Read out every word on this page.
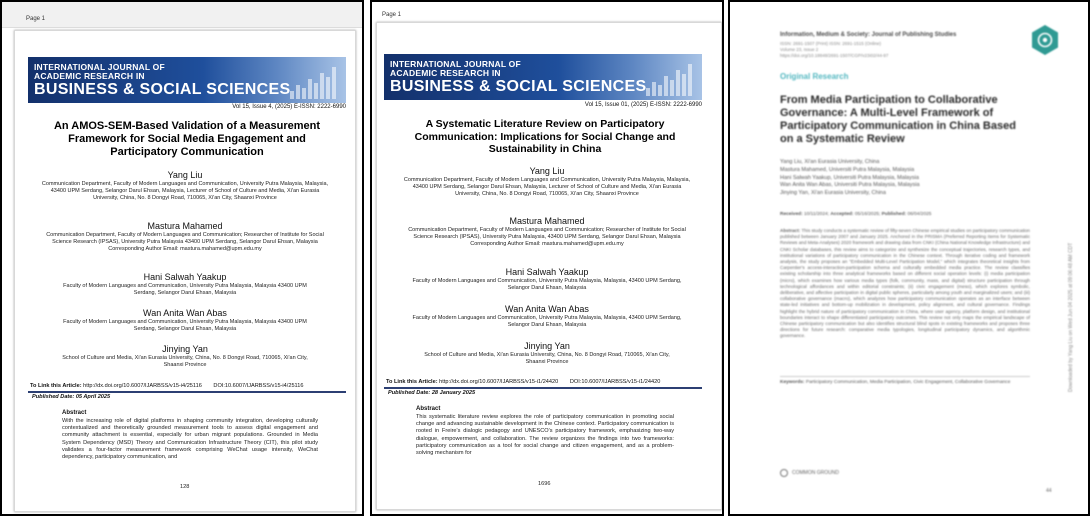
Page 1
INTERNATIONAL JOURNAL OF
ACADEMIC RESEARCH IN
BUSINESS & SOCIAL SCIENCES
Vol 15, Issue 4, (2025) E-ISSN: 2222-6990
An AMOS-SEM-Based Validation of a Measurement Framework for Social Media Engagement and Participatory Communication
Yang Liu
Communication Department, Faculty of Modern Languages and Communication, University Putra Malaysia, Malaysia, 43400 UPM Serdang, Selangor Darul Ehsan, Malaysia, Lecturer of School of Culture and Media, Xi'an Eurasia University, China, No. 8 Dongyi Road, 710065, Xi'an City, Shaanxi Province
Mastura Mahamed
Communication Department, Faculty of Modern Languages and Communication; Researcher of Institute for Social Science Research (IPSAS), University Putra Malaysia 43400 UPM Serdang, Selangor Darul Ehsan, Malaysia
Corresponding Author Email: mastura.mahamed@upm.edu.my
Hani Salwah Yaakup
Faculty of Modern Languages and Communication, University Putra Malaysia, Malaysia 43400 UPM Serdang, Selangor Darul Ehsan, Malaysia
Wan Anita Wan Abas
Faculty of Modern Languages and Communication, University Putra Malaysia, Malaysia 43400 UPM Serdang, Selangor Darul Ehsan, Malaysia
Jinying Yan
School of Culture and Media, Xi'an Eurasia University, China, No. 8 Dongyi Road, 710065, Xi'an City, Shaanxi Province
To Link this Article: http://dx.doi.org/10.6007/IJARBSS/v15-i4/25116 DOI:10.6007/IJARBSS/v15-i4/25116
Published Date: 05 April 2025
Abstract
With the increasing role of digital platforms in shaping community integration, developing culturally contextualized and theoretically grounded measurement tools to assess digital engagement and community attachment is essential, especially for urban migrant populations. Grounded in Media System Dependency (MSD) Theory and Communication Infrastructure Theory (CIT), this pilot study validates a four-factor measurement framework comprising WeChat usage intensity, WeChat dependency, participatory communication, and
128
Page 1
INTERNATIONAL JOURNAL OF
ACADEMIC RESEARCH IN
BUSINESS & SOCIAL SCIENCES
Vol 15, Issue 01, (2025) E-ISSN: 2222-6990
A Systematic Literature Review on Participatory Communication: Implications for Social Change and Sustainability in China
Yang Liu
Communication Department, Faculty of Modern Languages and Communication, University Putra Malaysia, Malaysia, 43400 UPM Serdang, Selangor Darul Ehsan, Malaysia, Lecturer of School of Culture and Media, Xi'an Eurasia University, China, No. 8 Dongyi Road, 710065, Xi'an City, Shaanxi Province
Mastura Mahamed
Communication Department, Faculty of Modern Languages and Communication; Researcher of Institute for Social Science Research (IPSAS), University Putra Malaysia, 43400 UPM Serdang, Selangor Darul Ehsan, Malaysia
Corresponding Author Email: mastura.mahamed@upm.edu.my
Hani Salwah Yaakup
Faculty of Modern Languages and Communication, University Putra Malaysia, Malaysia, 43400 UPM Serdang, Selangor Darul Ehsan, Malaysia
Wan Anita Wan Abas
Faculty of Modern Languages and Communication, University Putra Malaysia, Malaysia, 43400 UPM Serdang, Selangor Darul Ehsan, Malaysia
Jinying Yan
School of Culture and Media, Xi'an Eurasia University, China, No. 8 Dongyi Road, 710065, Xi'an City, Shaanxi Province
To Link this Article: http://dx.doi.org/10.6007/IJARBSS/v15-i1/24420 DOI:10.6007/IJARBSS/v15-i1/24420
Published Date: 28 January 2025
Abstract
This systematic literature review explores the role of participatory communication in promoting social change and advancing sustainable development in the Chinese context. Participatory communication is rooted in Freire's dialogic pedagogy and UNESCO's participatory framework, emphasizing two-way dialogue, empowerment, and collaboration. The review organizes the findings into two frameworks: participatory communication as a tool for social change and citizen engagement, and as a problem-solving mechanism for
1696
Information, Medium & Society: Journal of Publishing Studies
ISSN: 2691-1507 (Print) ISSN: 2691-1515 (Online)
Volume 23, Issue 2
https://doi.org/10.18848/2691-1507/CGP/v23i02/44-97
Original Research
From Media Participation to Collaborative Governance: A Multi-Level Framework of Participatory Communication in China Based on a Systematic Review
Yang Liu, Xi'an Eurasia University, China
Mastura Mahamed, Universiti Putra Malaysia, Malaysia
Hani Salwah Yaakup, Universiti Putra Malaysia, Malaysia
Wan Anita Wan Abas, Universiti Putra Malaysia, Malaysia
Jinying Yan, Xi'an Eurasia University, China
Received: 10/11/2024; Accepted: 05/16/2025; Published: 06/04/2025
Abstract: This study conducts a systematic review of fifty-seven Chinese empirical studies on participatory communication published between January 2007 and January 2025. Anchored in the PRISMA (Preferred Reporting Items for Systematic Reviews and Meta-Analyses) 2020 framework and drawing data from CNKI (China National Knowledge Infrastructure) and CNKI Scholar databases, this review aims to categorize and synthesize the conceptual trajectories, research types, and institutional variations of participatory communication in the Chinese context. Through iterative coding and framework analysis, the study proposes an "Embedded Multi-Level Participation Model," which integrates theoretical insights from Carpentier's access-interaction-participation schema and culturally embedded media practice. The review classifies existing scholarship into three analytical frameworks based on different social operation levels: (i) media participation (micro), which examines how various media types (folk, community, mass, and digital) structure participation through technological affordances and within editorial constraints; (ii) civic engagement (meso), which explores symbolic, deliberative, and affective participation in digital public spheres, particularly among youth and marginalized users; and (iii) collaborative governance (macro), which analyzes how participatory communication operates as an interface between state-led initiatives and bottom-up mobilization in development, policy alignment, and cultural governance. Findings highlight the hybrid nature of participatory communication in China, where user agency, platform design, and institutional boundaries interact to shape differentiated participatory outcomes. This review not only maps the empirical landscape of Chinese participatory communication but also identifies structural blind spots in existing frameworks and proposes three directions for future research: comparative media typologies, longitudinal participatory dynamics, and algorithmic governance.
Keywords: Participatory Communication, Media Participation, Civic Engagement, Collaborative Governance	Downloaded by Yang Liu on Wed Jun 04 2025 at 09:06:48 AM CDT
COMMON GROUND
44
